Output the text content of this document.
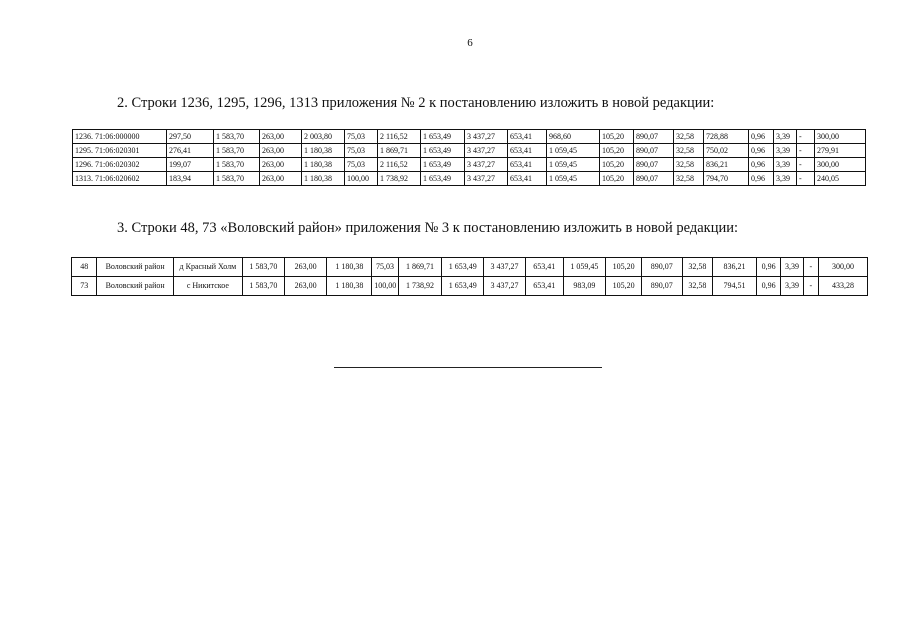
6
2. Строки 1236, 1295, 1296, 1313 приложения № 2 к постановлению изложить в новой редакции:
1236. 71:06:000000	297,50	1 583,70	263,00	2 003,80	75,03	2 116,52	1 653,49	3 437,27	653,41	968,60	105,20	890,07	32,58	728,88	0,96	3,39	-	300,00
1295. 71:06:020301	276,41	1 583,70	263,00	1 180,38	75,03	1 869,71	1 653,49	3 437,27	653,41	1 059,45	105,20	890,07	32,58	750,02	0,96	3,39	-	279,91
1296. 71:06:020302	199,07	1 583,70	263,00	1 180,38	75,03	2 116,52	1 653,49	3 437,27	653,41	1 059,45	105,20	890,07	32,58	836,21	0,96	3,39	-	300,00
1313. 71:06:020602	183,94	1 583,70	263,00	1 180,38	100,00	1 738,92	1 653,49	3 437,27	653,41	1 059,45	105,20	890,07	32,58	794,70	0,96	3,39	-	240,05
3. Строки 48, 73 «Воловский район» приложения № 3 к постановлению изложить в новой редакции:
48	Воловский район	д Красный Холм	1 583,70	263,00	1 180,38	75,03	1 869,71	1 653,49	3 437,27	653,41	1 059,45	105,20	890,07	32,58	836,21	0,96	3,39	-	300,00
73	Воловский район	с Никитское	1 583,70	263,00	1 180,38	100,00	1 738,92	1 653,49	3 437,27	653,41	983,09	105,20	890,07	32,58	794,51	0,96	3,39	-	433,28
